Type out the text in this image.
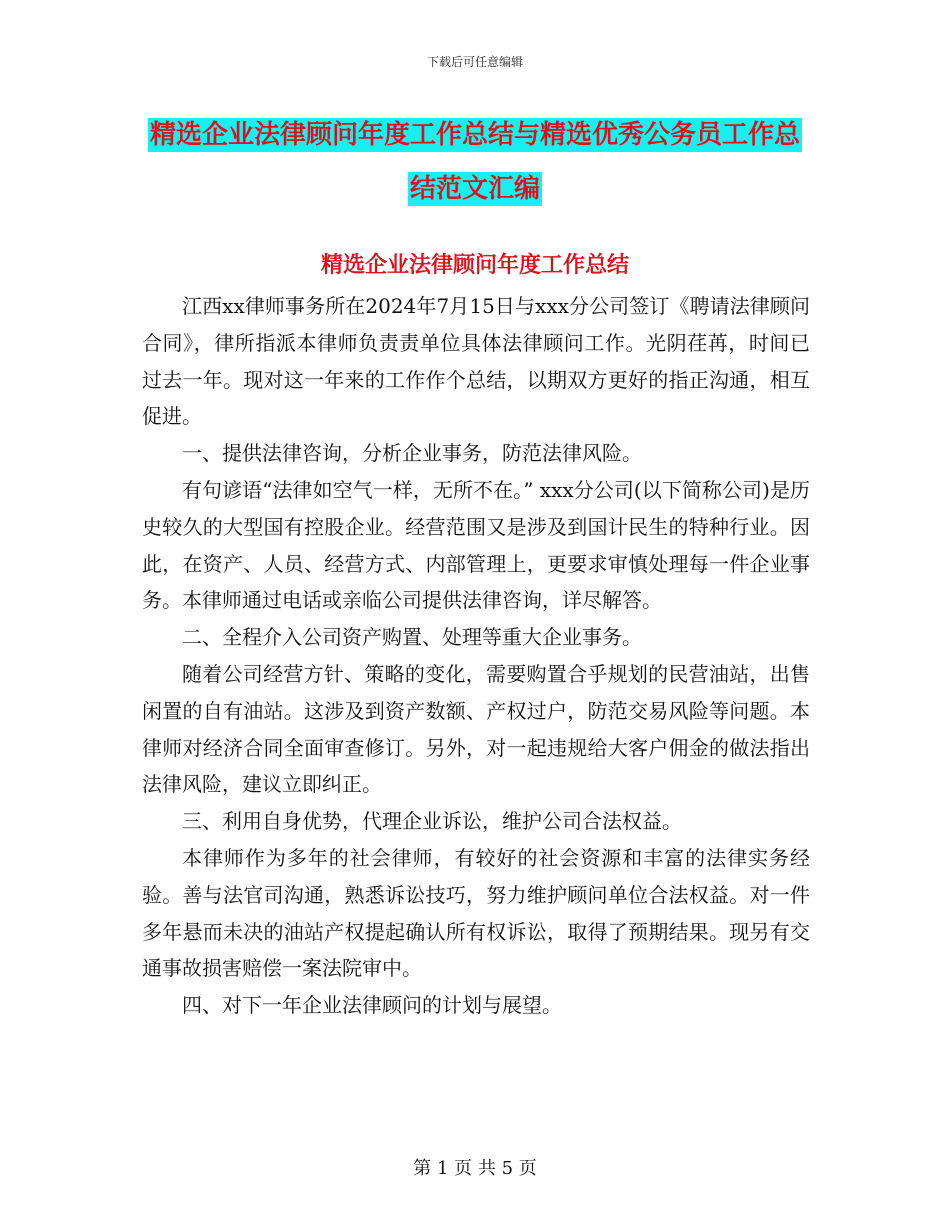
下载后可任意编辑
精选企业法律顾问年度工作总结与精选优秀公务员工作总结范文汇编
精选企业法律顾问年度工作总结

江西xx律师事务所在2024年7月15日与xxx分公司签订《聘请法律顾问合同》，律所指派本律师负责责单位具体法律顾问工作。光阴荏苒，时间已过去一年。现对这一年来的工作作个总结，以期双方更好的指正沟通，相互促进。

一、提供法律咨询，分析企业事务，防范法律风险。

有句谚语“法律如空气一样，无所不在。” xxx分公司(以下简称公司)是历史较久的大型国有控股企业。经营范围又是涉及到国计民生的特种行业。因此，在资产、人员、经营方式、内部管理上，更要求审慎处理每一件企业事务。本律师通过电话或亲临公司提供法律咨询，详尽解答。

二、全程介入公司资产购置、处理等重大企业事务。

随着公司经营方针、策略的变化，需要购置合乎规划的民营油站，出售闲置的自有油站。这涉及到资产数额、产权过户，防范交易风险等问题。本律师对经济合同全面审查修订。另外，对一起违规给大客户佣金的做法指出法律风险，建议立即纠正。

三、利用自身优势，代理企业诉讼，维护公司合法权益。

本律师作为多年的社会律师，有较好的社会资源和丰富的法律实务经验。善与法官司沟通，熟悉诉讼技巧，努力维护顾问单位合法权益。对一件多年悬而未决的油站产权提起确认所有权诉讼，取得了预期结果。现另有交通事故损害赔偿一案法院审中。

四、对下一年企业法律顾问的计划与展望。

第 1 页 共 5 页
